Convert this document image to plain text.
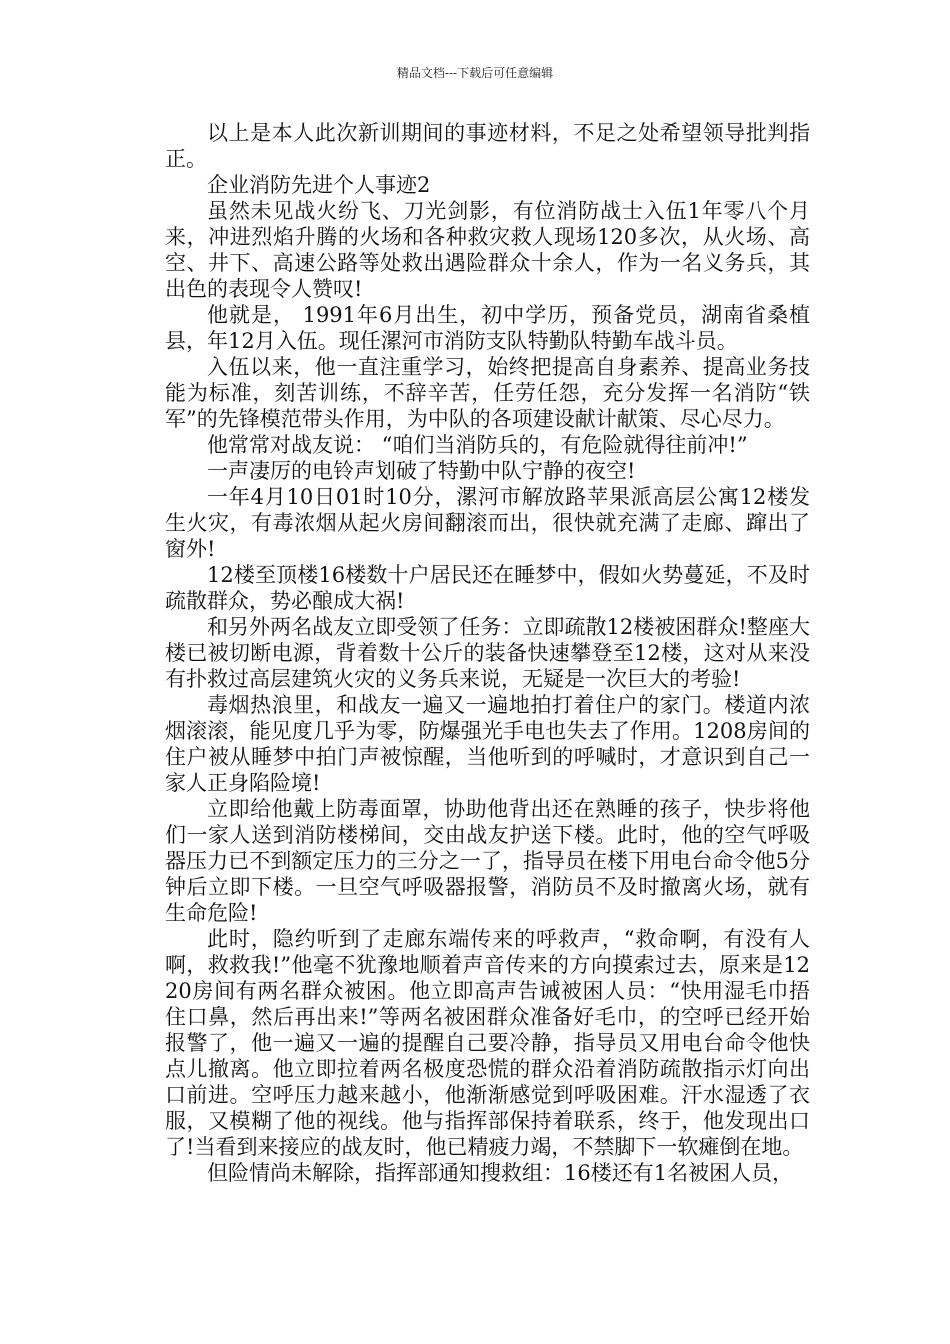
精品文档---下载后可任意编辑

以上是本人此次新训期间的事迹材料，不足之处希望领导批判指正。

企业消防先进个人事迹2

虽然未见战火纷飞、刀光剑影，有位消防战士入伍1年零八个月来，冲进烈焰升腾的火场和各种救灾救人现场120多次，从火场、高空、井下、高速公路等处救出遇险群众十余人，作为一名义务兵，其出色的表现令人赞叹!

他就是， 1991年6月出生，初中学历，预备党员，湖南省桑植县，年12月入伍。现任漯河市消防支队特勤队特勤车战斗员。

入伍以来，他一直注重学习，始终把提高自身素养、提高业务技能为标准，刻苦训练，不辞辛苦，任劳任怨，充分发挥一名消防“铁军”的先锋模范带头作用，为中队的各项建设献计献策、尽心尽力。

他常常对战友说： “咱们当消防兵的，有危险就得往前冲!”

一声凄厉的电铃声划破了特勤中队宁静的夜空!

一年4月10日01时10分，漯河市解放路苹果派高层公寓12楼发生火灾，有毒浓烟从起火房间翻滚而出，很快就充满了走廊、蹿出了窗外!

12楼至顶楼16楼数十户居民还在睡梦中，假如火势蔓延，不及时疏散群众，势必酿成大祸!

和另外两名战友立即受领了任务：立即疏散12楼被困群众!整座大楼已被切断电源，背着数十公斤的装备快速攀登至12楼，这对从来没有扑救过高层建筑火灾的义务兵来说，无疑是一次巨大的考验!

毒烟热浪里，和战友一遍又一遍地拍打着住户的家门。楼道内浓烟滚滚，能见度几乎为零，防爆强光手电也失去了作用。1208房间的住户被从睡梦中拍门声被惊醒，当他听到的呼喊时，才意识到自己一家人正身陷险境!

立即给他戴上防毒面罩，协助他背出还在熟睡的孩子，快步将他们一家人送到消防楼梯间，交由战友护送下楼。此时，他的空气呼吸器压力已不到额定压力的三分之一了，指导员在楼下用电台命令他5分钟后立即下楼。一旦空气呼吸器报警，消防员不及时撤离火场，就有生命危险!

此时，隐约听到了走廊东端传来的呼救声，“救命啊，有没有人啊，救救我!”他毫不犹豫地顺着声音传来的方向摸索过去，原来是1220房间有两名群众被困。他立即高声告诫被困人员：“快用湿毛巾捂住口鼻，然后再出来!”等两名被困群众准备好毛巾，的空呼已经开始报警了，他一遍又一遍的提醒自己要冷静，指导员又用电台命令他快点儿撤离。他立即拉着两名极度恐慌的群众沿着消防疏散指示灯向出口前进。空呼压力越来越小，他渐渐感觉到呼吸困难。汗水湿透了衣服，又模糊了他的视线。他与指挥部保持着联系，终于，他发现出口了!当看到来接应的战友时，他已精疲力竭，不禁脚下一软瘫倒在地。

但险情尚未解除，指挥部通知搜救组：16楼还有1名被困人员，
